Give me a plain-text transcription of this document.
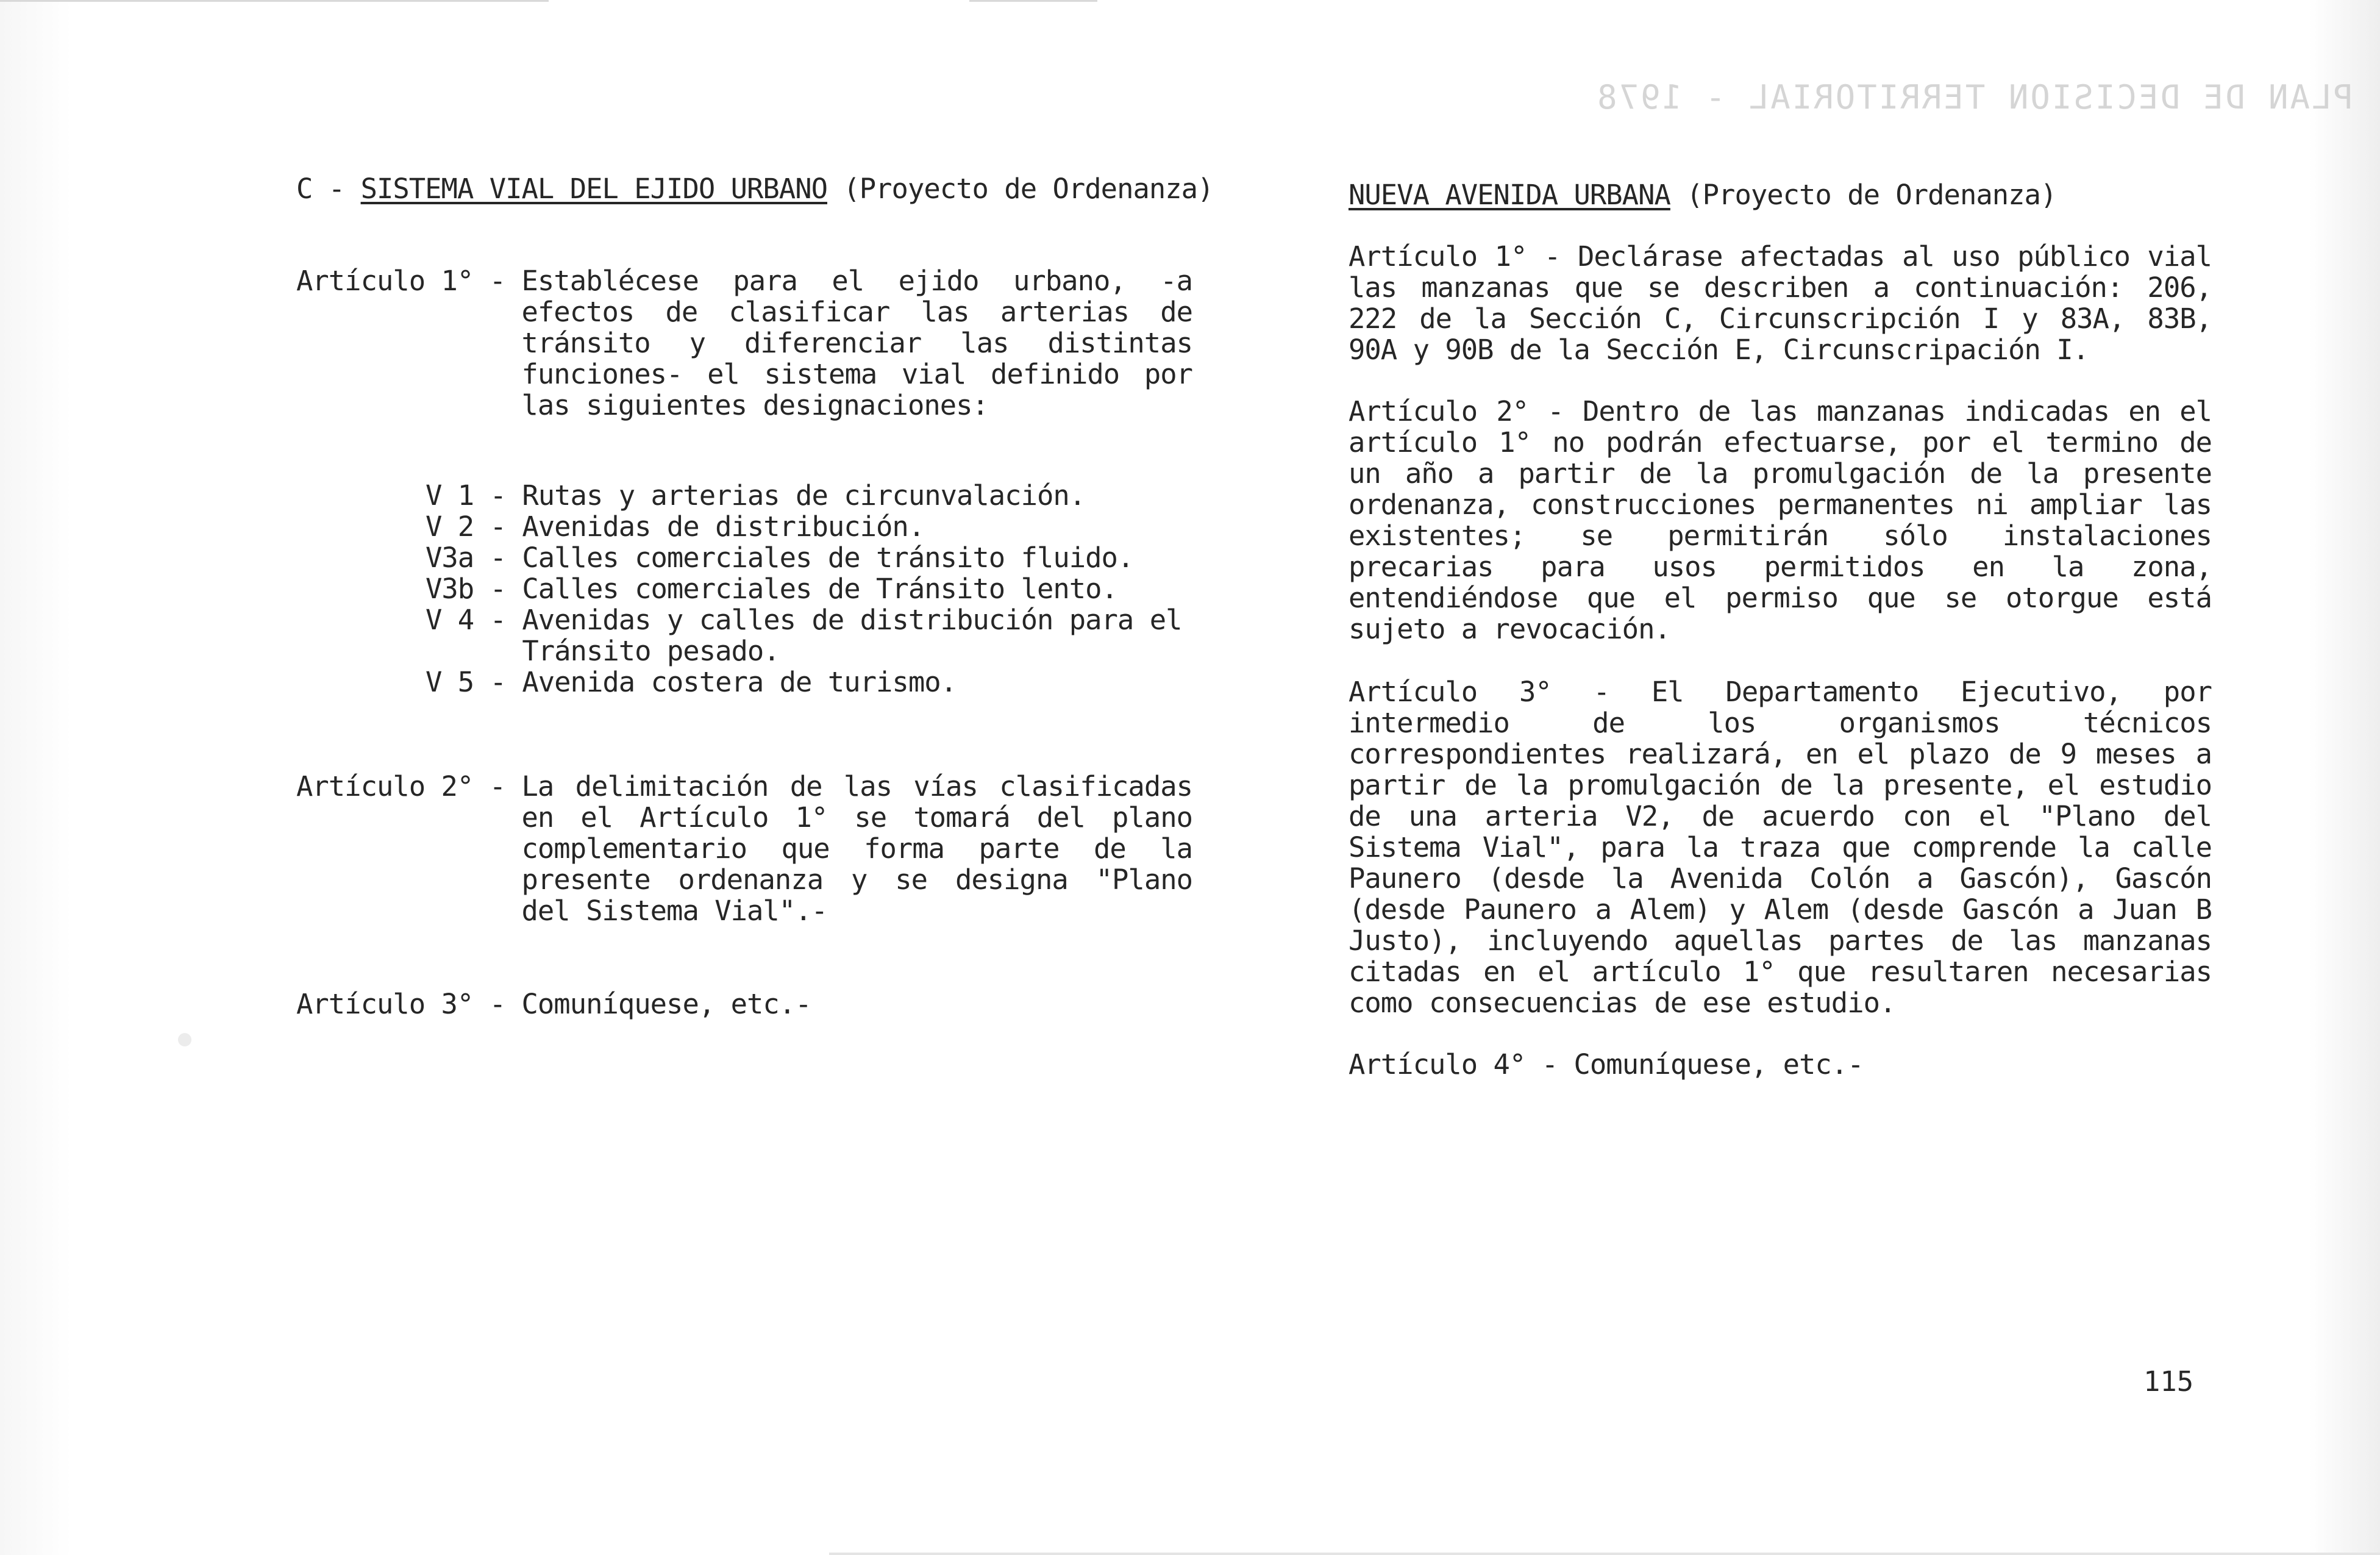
PLAN DE DECISION TERRITORIAL - 1978

C - SISTEMA VIAL DEL EJIDO URBANO (Proyecto de Ordenanza)

Artículo 1° - Establécese para el ejido urbano, -a efectos de clasificar las arterias de tránsito y diferenciar las distintas funciones- el sistema vial definido por las siguientes designaciones:
V 1 - Rutas y arterias de circunvalación.
V 2 - Avenidas de distribución.
V3a - Calles comerciales de tránsito fluido.
V3b - Calles comerciales de Tránsito lento.
V 4 - Avenidas y calles de distribución para el Tránsito pesado.
V 5 - Avenida costera de turismo.
Artículo 2° - La delimitación de las vías clasificadas en el Artículo 1° se tomará del plano complementario que forma parte de la presente ordenanza y se designa "Plano del Sistema Vial".-
Artículo 3° - Comuníquese, etc.-

NUEVA AVENIDA URBANA (Proyecto de Ordenanza)

Artículo 1° - Declárase afectadas al uso público vial las manzanas que se describen a continuación: 206, 222 de la Sección C, Circunscripción I y 83A, 83B, 90A y 90B de la Sección E, Circunscripación I.

Artículo 2° - Dentro de las manzanas indicadas en el artículo 1° no podrán efectuarse, por el termino de un año a partir de la promulgación de la presente ordenanza, construcciones permanentes ni ampliar las existentes; se permitirán sólo instalaciones precarias para usos permitidos en la zona, entendiéndose que el permiso que se otorgue está sujeto a revocación.

Artículo 3° - El Departamento Ejecutivo, por intermedio de los organismos técnicos correspondientes realizará, en el plazo de 9 meses a partir de la promulgación de la presente, el estudio de una arteria V2, de acuerdo con el "Plano del Sistema Vial", para la traza que comprende la calle Paunero (desde la Avenida Colón a Gascón), Gascón (desde Paunero a Alem) y Alem (desde Gascón a Juan B Justo), incluyendo aquellas partes de las manzanas citadas en el artículo 1° que resultaren necesarias como consecuencias de ese estudio.

Artículo 4° - Comuníquese, etc.-

115
